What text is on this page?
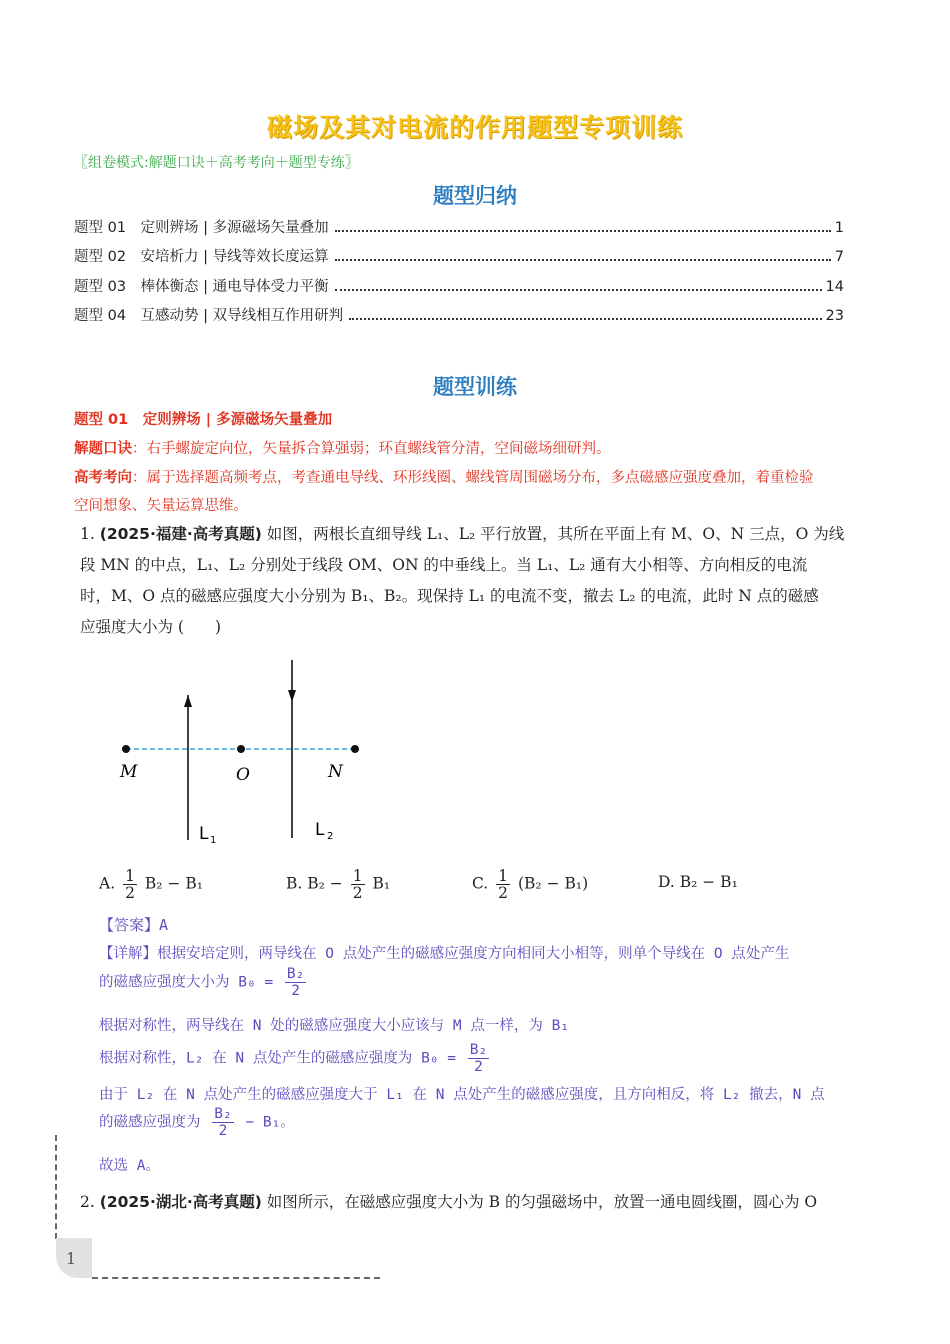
磁场及其对电流的作用题型专项训练
〖组卷模式:解题口诀＋高考考向＋题型专练〗
题型归纳
题型 01　定则辨场 | 多源磁场矢量叠加	1
题型 02　安培析力 | 导线等效长度运算	7
题型 03　棒体衡态 | 通电导体受力平衡	14
题型 04　互感动势 | 双导线相互作用研判	23
题型训练
题型 01　定则辨场 | 多源磁场矢量叠加
解题口诀：右手螺旋定向位，矢量拆合算强弱；环直螺线管分清，空间磁场细研判。
高考考向：属于选择题高频考点，考查通电导线、环形线圈、螺线管周围磁场分布，多点磁感应强度叠加，着重检验
空间想象、矢量运算思维。
1. (2025·福建·高考真题) 如图，两根长直细导线 L₁、L₂ 平行放置，其所在平面上有 M、O、N 三点，O 为线
段 MN 的中点，L₁、L₂ 分别处于线段 OM、ON 的中垂线上。当 L₁、L₂ 通有大小相等、方向相反的电流
时，M、O 点的磁感应强度大小分别为 B₁、B₂。现保持 L₁ 的电流不变，撤去 L₂ 的电流，此时 N 点的磁感
应强度大小为 (　　)
M	O	N
L 1
L 2
A. $\frac{1}{2} B_2 - B_1$	B. $B_2 - \frac{1}{2} B_1$	C. $\frac{1}{2} (B_2 - B_1)$	D. B₂ − B₁
【答案】A
【详解】根据安培定则，两导线在 O 点处产生的磁感应强度方向相同大小相等，则单个导线在 O 点处产生
的磁感应强度大小为 $B_0 = \frac{\text{B₂}}{2}$
根据对称性，两导线在 N 处的磁感应强度大小应该与 M 点一样，为 B₁
根据对称性，L₂ 在 N 点处产生的磁感应强度为 $B_0 = \frac{\text{B₂}}{2}$
由于 L₂ 在 N 点处产生的磁感应强度大于 L₁ 在 N 点处产生的磁感应强度，且方向相反，将 L₂ 撤去，N 点
的磁感应强度为 $\frac{\text{B₂}}{2} - B_1$。
故选 A。
2. (2025·湖北·高考真题) 如图所示，在磁感应强度大小为 B 的匀强磁场中，放置一通电圆线圈，圆心为 O
1
